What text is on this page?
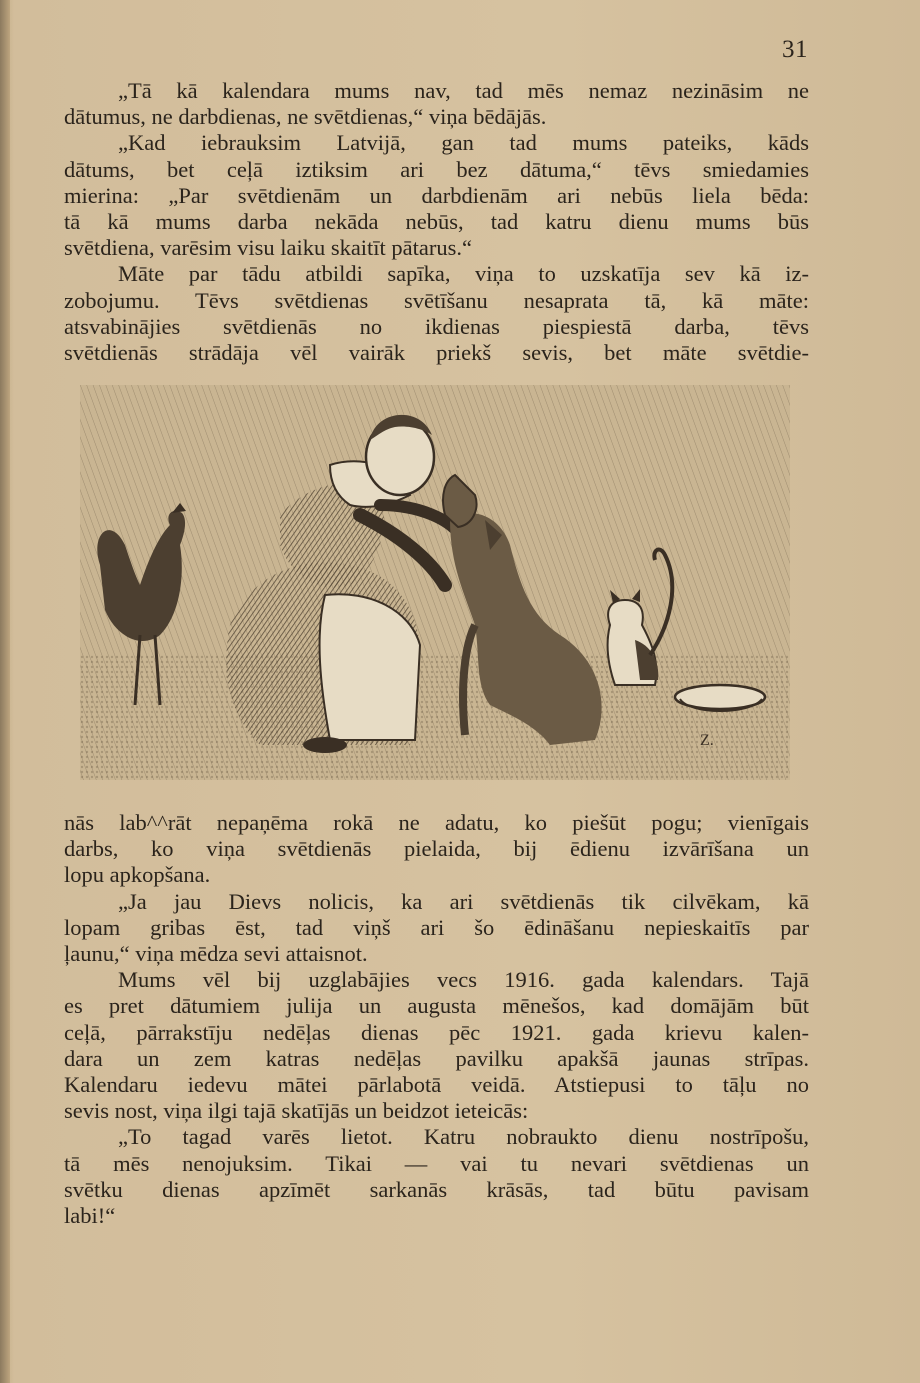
31
„Tā kā kalendara mums nav, tad mēs nemaz nezināsim ne
dātumus, ne darbdienas, ne svētdienas,“ viņa bēdājās.
„Kad iebrauksim Latvijā, gan tad mums pateiks, kāds
dātums, bet ceļā iztiksim ari bez dātuma,“ tēvs smiedamies
mierina: „Par svētdienām un darbdienām ari nebūs liela bēda:
tā kā mums darba nekāda nebūs, tad katru dienu mums būs
svētdiena, varēsim visu laiku skaitīt pātarus.“
Māte par tādu atbildi sapīka, viņa to uzskatīja sev kā iz-
zobojumu. Tēvs svētdienas svētīšanu nesaprata tā, kā māte:
atsvabinājies svētdienās no ikdienas piespiestā darba, tēvs
svētdienās strādāja vēl vairāk priekš sevis, bet māte svētdie-
Z.
nās lab^^rāt nepaņēma rokā ne adatu, ko piešūt pogu; vienīgais
darbs, ko viņa svētdienās pielaida, bij ēdienu izvārīšana un
lopu apkopšana.
„Ja jau Dievs nolicis, ka ari svētdienās tik cilvēkam, kā
lopam gribas ēst, tad viņš ari šo ēdināšanu nepieskaitīs par
ļaunu,“ viņa mēdza sevi attaisnot.
Mums vēl bij uzglabājies vecs 1916. gada kalendars. Tajā
es pret dātumiem julija un augusta mēnešos, kad domājām būt
ceļā, pārrakstīju nedēļas dienas pēc 1921. gada krievu kalen-
dara un zem katras nedēļas pavilku apakšā jaunas strīpas.
Kalendaru iedevu mātei pārlabotā veidā. Atstiepusi to tāļu no
sevis nost, viņa ilgi tajā skatījās un beidzot ieteicās:
„To tagad varēs lietot. Katru nobraukto dienu nostrīpošu,
tā mēs nenojuksim. Tikai — vai tu nevari svētdienas un
svētku dienas apzīmēt sarkanās krāsās, tad būtu pavisam
labi!“
